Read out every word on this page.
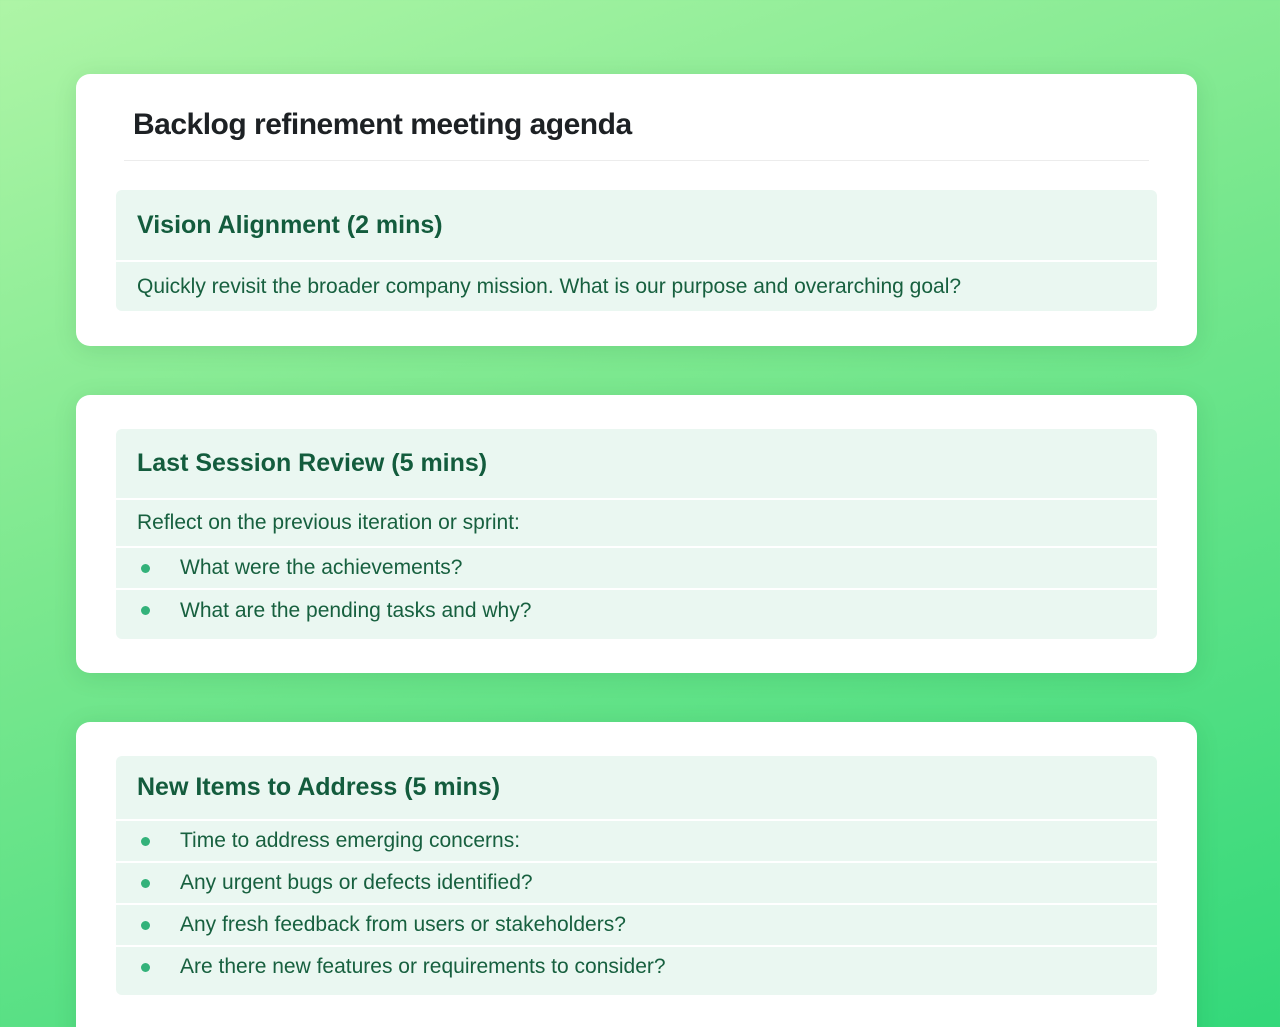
Backlog refinement meeting agenda
Vision Alignment (2 mins)
Quickly revisit the broader company mission. What is our purpose and overarching goal?
Last Session Review (5 mins)
Reflect on the previous iteration or sprint:
What were the achievements?
What are the pending tasks and why?
New Items to Address (5 mins)
Time to address emerging concerns:
Any urgent bugs or defects identified?
Any fresh feedback from users or stakeholders?
Are there new features or requirements to consider?
